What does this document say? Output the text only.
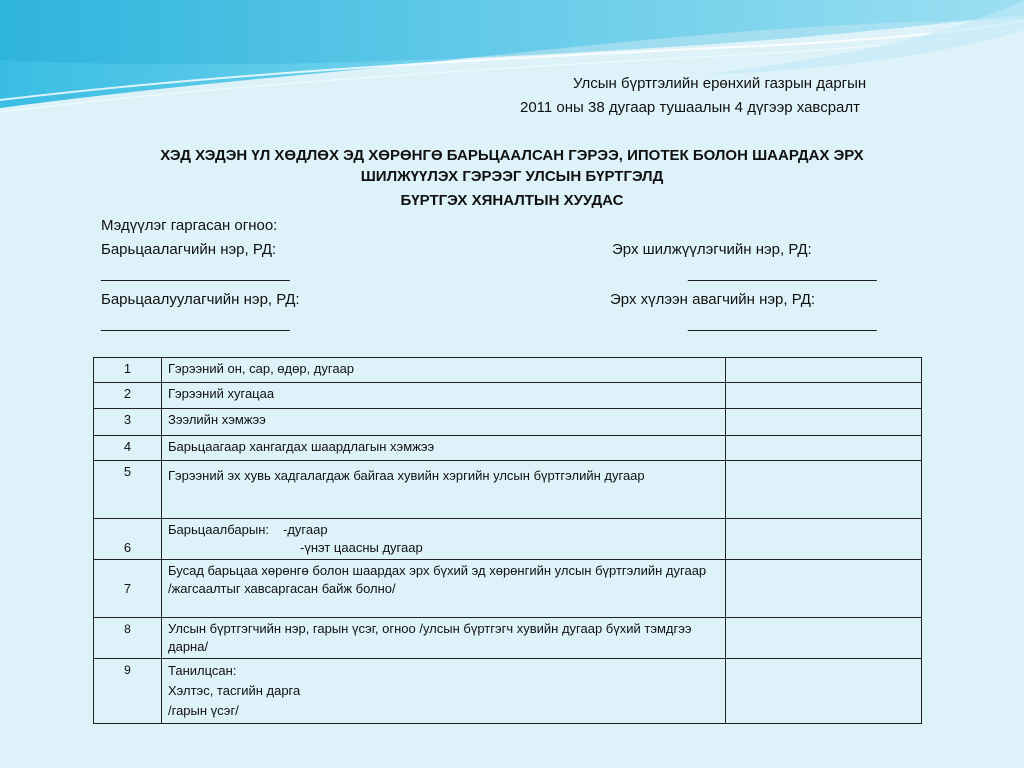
Улсын бүртгэлийн ерөнхий газрын даргын
2011 оны 38 дугаар тушаалын 4 дүгээр хавсралт
ХЭД ХЭДЭН ҮЛ ХӨДЛӨХ ЭД ХӨРӨНГӨ БАРЬЦААЛСАН ГЭРЭЭ, ИПОТЕК БОЛОН ШААРДАХ ЭРХ
ШИЛЖҮҮЛЭХ ГЭРЭЭГ УЛСЫН БҮРТГЭЛД
БҮРТГЭХ ХЯНАЛТЫН ХУУДАС
Мэдүүлэг гаргасан огноо:
Барьцаалагчийн нэр, РД:	Эрх шилжүүлэгчийн нэр, РД:
________________________	________________________
Барьцаалуулагчийн нэр, РД:	Эрх хүлээн авагчийн нэр, РД:
________________________	________________________
1	Гэрээний он, сар, өдөр, дугаар	
2	Гэрээний хугацаа	
3	Зээлийн хэмжээ	
4	Барьцаагаар хангагдах шаардлагын хэмжээ	
5	Гэрээний эх хувь хадгалагдаж байгаа хувийн хэргийн улсын бүртгэлийн дугаар	
6	Барьцаалбарын: -дугаар
-үнэт цаасны дугаар	

7	Бусад барьцаа хөрөнгө болон шаардах эрх бүхий эд хөрөнгийн улсын бүртгэлийн дугаар
/жагсаалтыг хавсаргасан байж болно/	

8	Улсын бүртгэгчийн нэр, гарын үсэг, огноо /улсын бүртгэгч хувийн дугаар бүхий тэмдгээ дарна/	
9	Танилцсан:
Хэлтэс, тасгийн дарга
/гарын үсэг/	
